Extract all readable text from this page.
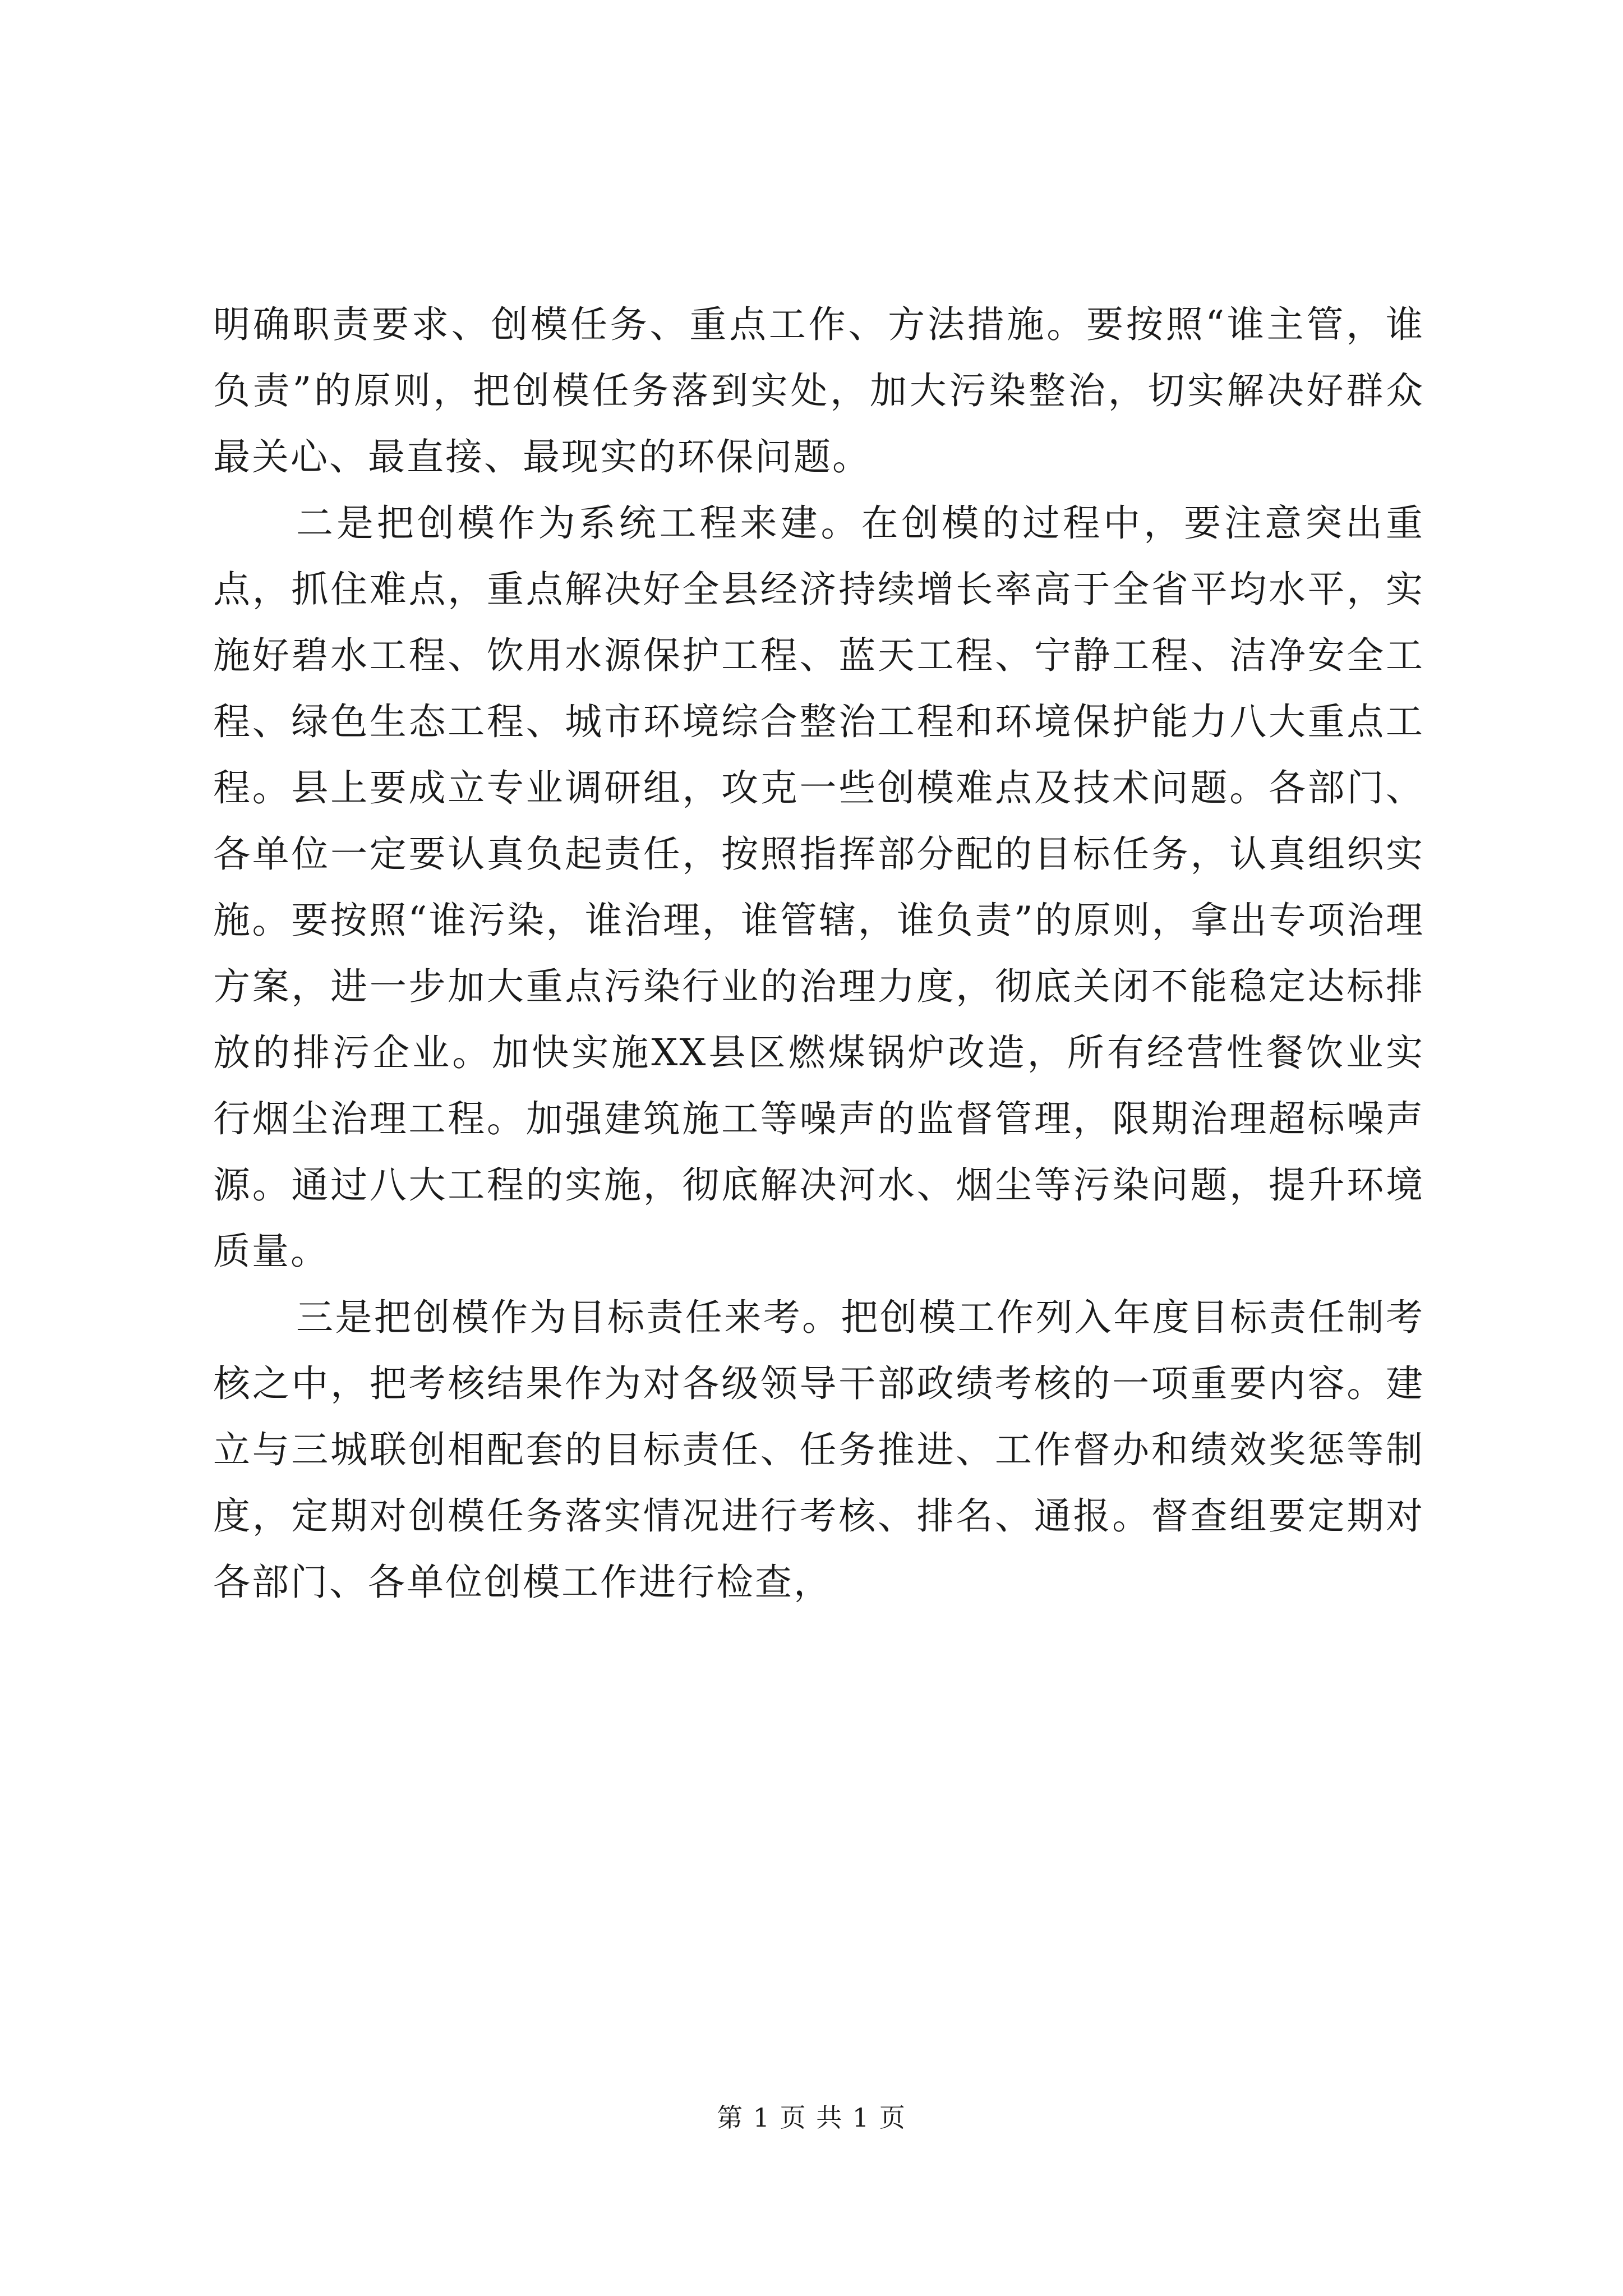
明确职责要求、创模任务、重点工作、方法措施。要按照“谁主管，谁负责”的原则，把创模任务落到实处，加大污染整治，切实解决好群众最关心、最直接、最现实的环保问题。

二是把创模作为系统工程来建。在创模的过程中，要注意突出重点，抓住难点，重点解决好全县经济持续增长率高于全省平均水平，实施好碧水工程、饮用水源保护工程、蓝天工程、宁静工程、洁净安全工程、绿色生态工程、城市环境综合整治工程和环境保护能力八大重点工程。县上要成立专业调研组，攻克一些创模难点及技术问题。各部门、各单位一定要认真负起责任，按照指挥部分配的目标任务，认真组织实施。要按照“谁污染，谁治理，谁管辖，谁负责”的原则，拿出专项治理方案，进一步加大重点污染行业的治理力度，彻底关闭不能稳定达标排放的排污企业。加快实施XX县区燃煤锅炉改造，所有经营性餐饮业实行烟尘治理工程。加强建筑施工等噪声的监督管理，限期治理超标噪声源。通过八大工程的实施，彻底解决河水、烟尘等污染问题，提升环境质量。

三是把创模作为目标责任来考。把创模工作列入年度目标责任制考核之中，把考核结果作为对各级领导干部政绩考核的一项重要内容。建立与三城联创相配套的目标责任、任务推进、工作督办和绩效奖惩等制度，定期对创模任务落实情况进行考核、排名、通报。督查组要定期对各部门、各单位创模工作进行检查，

第 1 页 共 1 页
